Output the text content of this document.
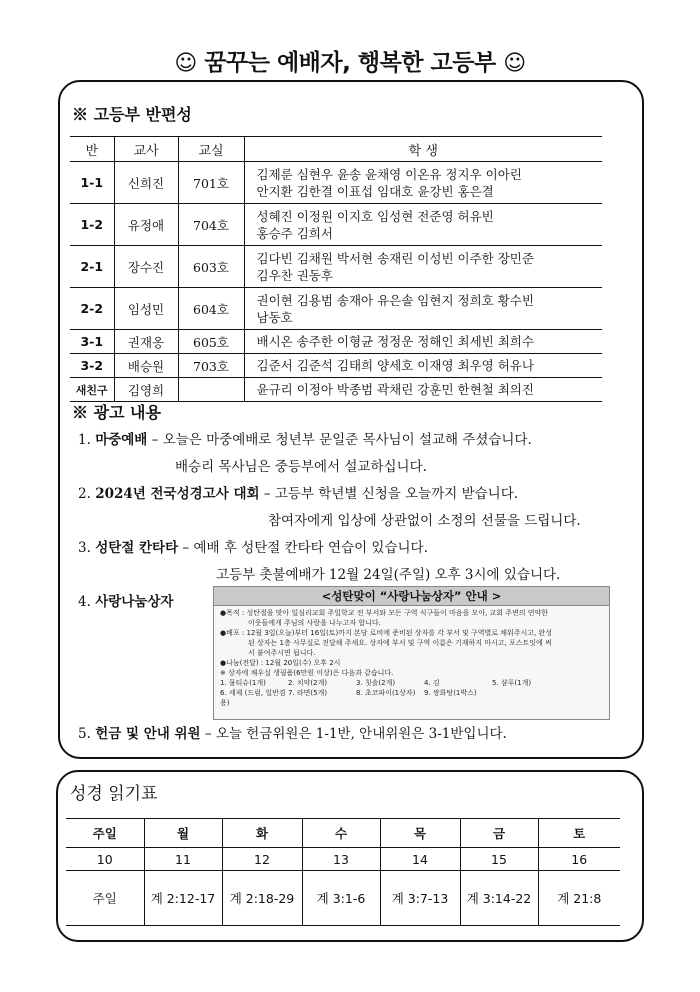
☺ 꿈꾸는 예배자, 행복한 고등부 ☺
※ 고등부 반편성
반	교사	교실	학 생
1-1	신희진	701호	김제룬 심현우 윤송 윤채영 이온유 정지우 이아린
안지환 김한결 이표섭 임대호 윤강빈 홍은결

1-2	유정애	704호	성혜진 이정원 이지호 임성현 전준영 허유빈
홍승주 김희서

2-1	장수진	603호	김다빈 김채원 박서현 송재린 이성빈 이주한 장민준
김우찬 권동후

2-2	임성민	604호	권이현 김용범 송재아 유은솔 임현지 정희호 황수빈
남동호

3-1	권재옹	605호	배시온 송주한 이형균 정정운 정해인 최세빈 최희수

3-2	배승원	703호	김준서 김준석 김태희 양세호 이재영 최우영 허유나

새친구	김영희		윤규리 이정아 박종범 곽채린 강훈민 한현철 최의진
※ 광고 내용
1. 마중예배 – 오늘은 마중예배로 청년부 문일준 목사님이 설교해 주셨습니다.
배승리 목사님은 중등부에서 설교하십니다.
2. 2024년 전국성경고사 대회 – 고등부 학년별 신청을 오늘까지 받습니다.
참여자에게 입상에 상관없이 소정의 선물을 드립니다.
3. 성탄절 칸타타 – 예배 후 성탄절 칸타타 연습이 있습니다.
고등부 촛불예배가 12월 24일(주일) 오후 3시에 있습니다.
4. 사랑나눔상자	<성탄맞이 “사랑나눔상자” 안내 >

●목적 : 성탄절을 맞아 일심리교회 주일학교 전 부서와 모든 구역 식구들이 마음을 모아, 교회 주변의 연약한

이웃들에게 주님의 사랑을 나누고자 합니다.

●배포 : 12월 3일(오늘)부터 16일(토)까지 본당 로비에 준비된 상자를 각 부서 및 구역별로 채워주시고, 완성

된 상자는 1층 사무실로 전달해 주세요. 상자에 부서 및 구역 이름은 기재하지 마시고, 포스트잇에 써

서 붙여주시면 됩니다.

●나눔(전달) : 12월 20일(수) 오후 2시

※ 상자에 채우실 생필품(6만원 이상)은 다음과 같습니다.

1. 물티슈(1개)	2. 치약(2개)	3. 칫솔(2개)	4. 김	5. 샴푸(1개)
6. 세제 (드럼, 일반겸용)
7. 라면(5개)	8. 초코파이(1상자)	9. 쌍화탕(1박스)
5. 헌금 및 안내 위원 – 오늘 헌금위원은 1-1반, 안내위원은 3-1반입니다.
성경 읽기표
주일	월	화	수	목	금	토
10	11	12	13	14	15	16
주일	계 2:12-17	계 2:18-29	계 3:1-6	계 3:7-13	계 3:14-22	계 21:8
